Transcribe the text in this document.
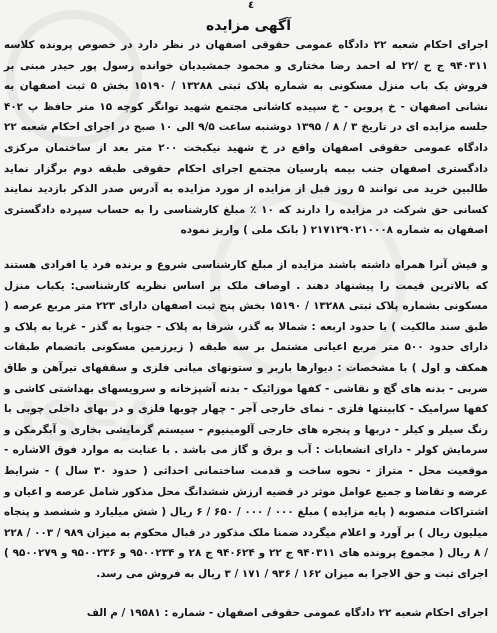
ISFA
٤
آگهی مزایده
اجرای احکام شعبه ۲۲ دادگاه عمومی حقوقی اصفهان در نظر دارد در خصوص پرونده کلاسه ۹۴۰۳۱۱ ج ح /۲۲ له احمد رضا مختاری و محمود جمشیدیان خوانده رسول پور حیدر مبنی بر فروش یک باب منزل مسکونی به شماره پلاک ثبتی ۱۳۲۸۸ / ۱۵۱۹۰ بخش ۵ ثبت اصفهان به نشانی اصفهان - خ پروین - خ سپیده کاشانی مجتمع شهید توانگر کوچه ۱۵ متر حافظ پ ۴۰۲ جلسه مزایده ای در تاریخ ۳ / ۸ / ۱۳۹۵ دوشنبه ساعت ۹/۵ الی ۱۰ صبح در اجرای احکام شعبه ۲۲ دادگاه عمومی حقوقی اصفهان واقع در خ شهید نیکبخت ۲۰۰ متر بعد از ساختمان مرکزی دادگستری اصفهان جنب بیمه پارسیان مجتمع اجرای احکام حقوقی طبقه دوم برگزار نماید طالبین خرید می توانند ۵ روز قبل از مزایده از مورد مزایده به آدرس صدر الذکر بازدید نمایند کسانی حق شرکت در مزایده را دارند که ۱۰ ٪ مبلغ کارشناسی را به حساب سپرده دادگستری اصفهان به شماره ۲۱۷۱۲۹۰۲۱۰۰۰۸ ( بانک ملی ) واریز نموده
و فیش آنرا همراه داشته باشند مزایده از مبلغ کارشناسی شروع و برنده فرد یا افرادی هستند که بالاترین قیمت را پیشنهاد دهند . اوصاف ملک بر اساس نظریه کارشناسی: یکباب منزل مسکونی بشماره پلاک ثبتی ۱۳۲۸۸ / ۱۵۱۹۰ بخش پنج ثبت اصفهان دارای ۲۲۳ متر مربع عرصه ( طبق سند مالکیت ) با حدود اربعه : شمالا به گذر، شرقا به پلاک - جنوبا به گذر - غربا به پلاک و دارای حدود ۵۰۰ متر مربع اعیانی مشتمل بر سه طبقه ( زیرزمین مسکونی باتضمام طبقات همکف و اول ) با مشخصات : دیوارها باربر و ستونهای میانی فلزی و سقفهای تیرآهن و طاق ضربی - بدنه های گچ و نقاشی - کفها موزائیک - بدنه آشپزخانه و سرویسهای بهداشتی کاشی و کفها سرامیک - کابینتها فلزی - نمای خارجی آجر - چهار چوبها فلزی و در بهای داخلی چوبی با رنگ سیلر و کیلر - دربها و پنجره های خارجی آلومینیوم - سیستم گرمایشی بخاری و آبگرمکن و سرمایش کولر - دارای انشعابات : آب و برق و گاز می باشد . با عنایت به موارد فوق الاشاره - موقعیت محل - متراژ - نحوه ساخت و قدمت ساختمانی احداثی ( حدود ۳۰ سال ) - شرایط عرضه و تقاضا و جمیع عوامل موثر در قضیه ارزش ششدانگ محل مذکور شامل عرصه و اعیان و اشتراکات منصوبه ( پایه مزایده ) مبلغ ۰۰۰ / ۰۰۰ / ۶۵۰ / ۶ ریال ( شش میلیارد و ششصد و پنجاه میلیون ریال ) بر آورد و اعلام میگردد ضمنا ملک مذکور در قبال محکوم به میزان ۹۸۹ / ۰۰۳ / ۲۲۸ / ۸ ریال ( مجموع پرونده های ۹۴۰۳۱۱ ج ۲۲ و ۹۴۰۶۲۴ ج ۲۸ و ۹۵۰۰۲۳۴ و ۹۵۰۰۲۳۶ و ۹۵۰۰۲۷۹ ) اجرای ثبت و حق الاجرا به میزان ۱۶۲ / ۹۳۶ / ۱۷۱ / ۳ ریال به فروش می رسد.
اجرای احکام شعبه ۲۲ دادگاه عمومی حقوقی اصفهان - شماره : ۱۹۵۸۱ / م الف
